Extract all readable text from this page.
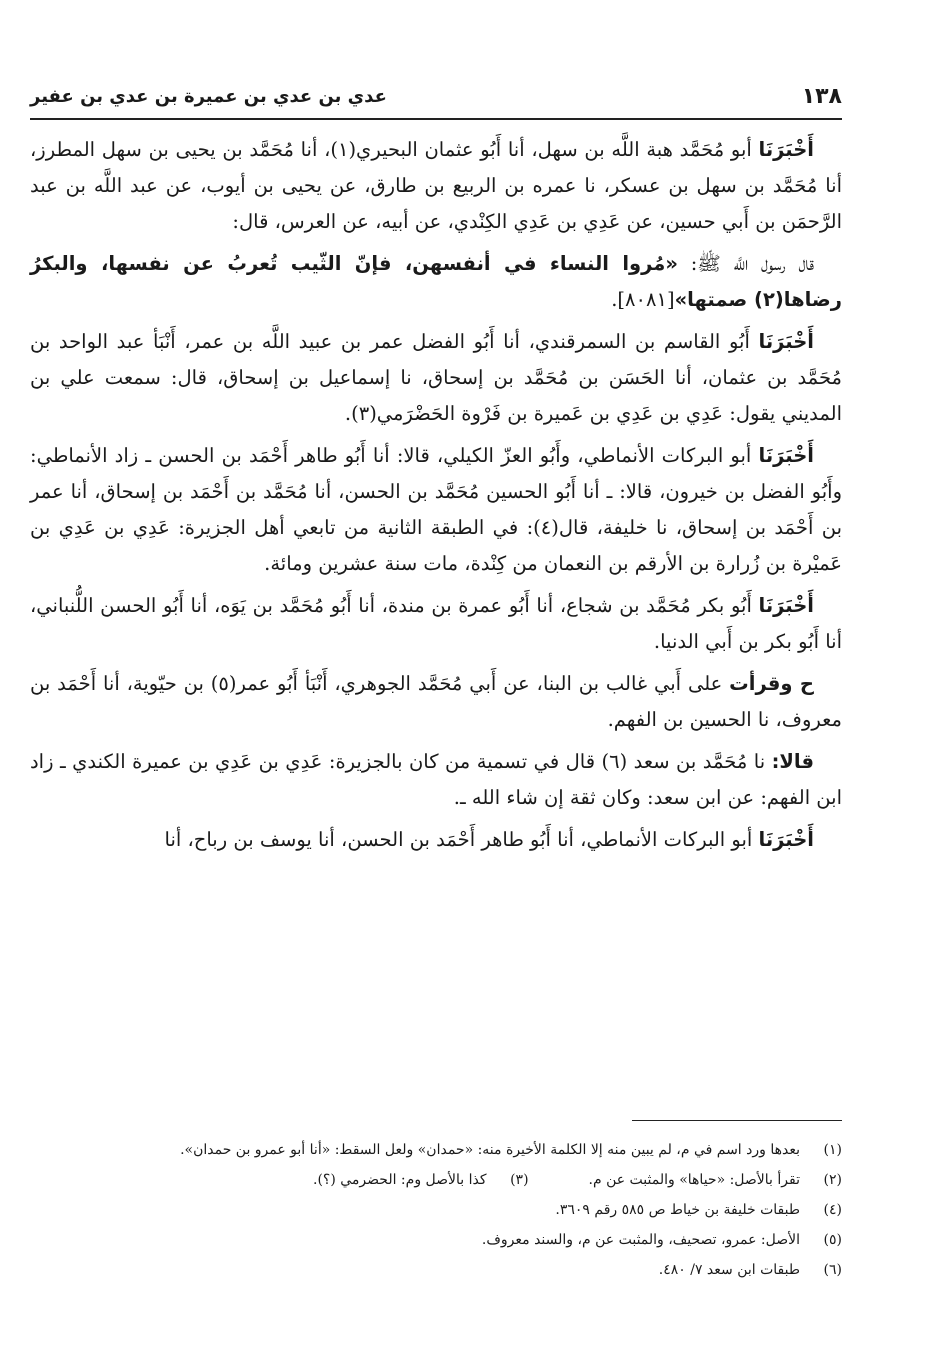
١٣٨
عدي بن عدي بن عميرة بن عدي بن عفير

أَخْبَرَنَا أبو مُحَمَّد هبة اللَّه بن سهل، أنا أَبُو عثمان البحيري(١)، أنا مُحَمَّد بن يحيى بن سهل المطرز، أنا مُحَمَّد بن سهل بن عسكر، نا عمره بن الربيع بن طارق، عن يحيى بن أيوب، عن عبد اللَّه بن عبد الرَّحمَن بن أَبي حسين، عن عَدِي بن عَدِي الكِنْدي، عن أبيه، عن العرس، قال:

قال رسول اللَّه ﷺ: «مُروا النساء في أنفسهن، فإنّ الثّيب تُعربُ عن نفسها، والبكرُ رضاها(٢) صمتها»[٨٠٨١].

أَخْبَرَنَا أَبُو القاسم بن السمرقندي، أنا أَبُو الفضل عمر بن عبيد اللَّه بن عمر، أَنْبَأ عبد الواحد بن مُحَمَّد بن عثمان، أنا الحَسَن بن مُحَمَّد بن إسحاق، نا إسماعيل بن إسحاق، قال: سمعت علي بن المديني يقول: عَدِي بن عَدِي بن عَميرة بن فَرْوة الحَضْرَمي(٣).

أَخْبَرَنَا أبو البركات الأنماطي، وأَبُو العزّ الكيلي، قالا: أنا أَبُو طاهر أَحْمَد بن الحسن ـ زاد الأنماطي: وأَبُو الفضل بن خيرون، قالا: ـ أنا أَبُو الحسين مُحَمَّد بن الحسن، أنا مُحَمَّد بن أَحْمَد بن إسحاق، أنا عمر بن أَحْمَد بن إسحاق، نا خليفة، قال(٤): في الطبقة الثانية من تابعي أهل الجزيرة: عَدِي بن عَدِي بن عَميْرة بن زُرارة بن الأرقم بن النعمان من كِنْدة، مات سنة عشرين ومائة.

أَخْبَرَنَا أَبُو بكر مُحَمَّد بن شجاع، أنا أَبُو عمرة بن مندة، أنا أَبُو مُحَمَّد بن يَوَه، أنا أَبُو الحسن اللُّنباني، أنا أَبُو بكر بن أَبي الدنيا.

ح وقرأت على أَبي غالب بن البنا، عن أَبي مُحَمَّد الجوهري، أَنْبَأ أَبُو عمر(٥) بن حيّوية، أنا أَحْمَد بن معروف، نا الحسين بن الفهم.

قالا: نا مُحَمَّد بن سعد (٦) قال في تسمية من كان بالجزيرة: عَدِي بن عَدِي بن عميرة الكندي ـ زاد ابن الفهم: عن ابن سعد: وكان ثقة إن شاء الله ـ.

أَخْبَرَنَا أبو البركات الأنماطي، أنا أَبُو طاهر أَحْمَد بن الحسن، أنا يوسف بن رباح، أنا

(١)
بعدها ورد اسم في م، لم يبين منه إلا الكلمة الأخيرة منه: «حمدان» ولعل السقط: «أنا أبو عمرو بن حمدان».
(٢)
تقرأ بالأصل: «حياها» والمثبت عن م.
(٣)
كذا بالأصل وم: الحضرمي (؟).
(٤)
طبقات خليفة بن خياط ص ٥٨٥ رقم ٣٦٠٩.
(٥)
الأصل: عمرو، تصحيف، والمثبت عن م، والسند معروف.
(٦)
طبقات ابن سعد ٧/ ٤٨٠.
